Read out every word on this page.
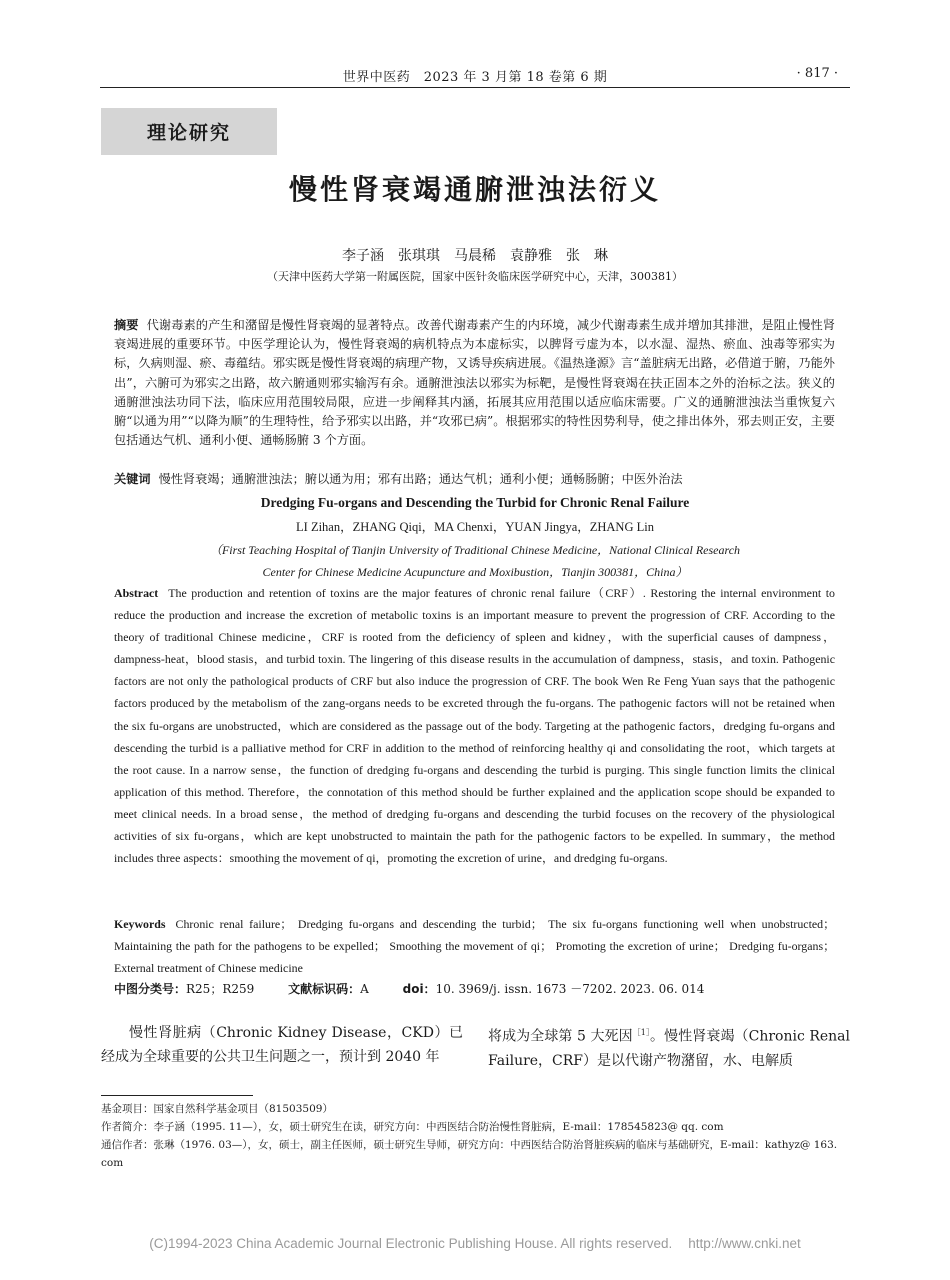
世界中医药　2023 年 3 月第 18 卷第 6 期	· 817 ·
理论研究
慢性肾衰竭通腑泄浊法衍义
李子涵　张琪琪　马晨稀　袁静雅　张　琳
（天津中医药大学第一附属医院，国家中医针灸临床医学研究中心，天津，300381）
摘要 代谢毒素的产生和潴留是慢性肾衰竭的显著特点。改善代谢毒素产生的内环境，减少代谢毒素生成并增加其排泄，是阻止慢性肾衰竭进展的重要环节。中医学理论认为，慢性肾衰竭的病机特点为本虚标实，以脾肾亏虚为本，以水湿、湿热、瘀血、浊毒等邪实为标，久病则湿、瘀、毒蕴结。邪实既是慢性肾衰竭的病理产物，又诱导疾病进展。《温热逢源》言“盖脏病无出路，必借道于腑，乃能外出”，六腑可为邪实之出路，故六腑通则邪实输泻有余。通腑泄浊法以邪实为标靶，是慢性肾衰竭在扶正固本之外的治标之法。狭义的通腑泄浊法功同下法，临床应用范围较局限，应进一步阐释其内涵，拓展其应用范围以适应临床需要。广义的通腑泄浊法当重恢复六腑“以通为用”“以降为顺”的生理特性，给予邪实以出路，并“攻邪已病”。根据邪实的特性因势利导，使之排出体外，邪去则正安，主要包括通达气机、通利小便、通畅肠腑 3 个方面。
关键词 慢性肾衰竭；通腑泄浊法；腑以通为用；邪有出路；通达气机；通利小便；通畅肠腑；中医外治法
Dredging Fu-organs and Descending the Turbid for Chronic Renal Failure
LI Zihan，ZHANG Qiqi，MA Chenxi，YUAN Jingya，ZHANG Lin
（First Teaching Hospital of Tianjin University of Traditional Chinese Medicine，National Clinical Research
Center for Chinese Medicine Acupuncture and Moxibustion，Tianjin 300381，China）
Abstract The production and retention of toxins are the major features of chronic renal failure（CRF）. Restoring the internal environment to reduce the production and increase the excretion of metabolic toxins is an important measure to prevent the progression of CRF. According to the theory of traditional Chinese medicine，CRF is rooted from the deficiency of spleen and kidney，with the superficial causes of dampness，dampness-heat，blood stasis，and turbid toxin. The lingering of this disease results in the accumulation of dampness，stasis，and toxin. Pathogenic factors are not only the pathological products of CRF but also induce the progression of CRF. The book Wen Re Feng Yuan says that the pathogenic factors produced by the metabolism of the zang-organs needs to be excreted through the fu-organs. The pathogenic factors will not be retained when the six fu-organs are unobstructed，which are considered as the passage out of the body. Targeting at the pathogenic factors，dredging fu-organs and descending the turbid is a palliative method for CRF in addition to the method of reinforcing healthy qi and consolidating the root，which targets at the root cause. In a narrow sense，the function of dredging fu-organs and descending the turbid is purging. This single function limits the clinical application of this method. Therefore，the connotation of this method should be further explained and the application scope should be expanded to meet clinical needs. In a broad sense，the method of dredging fu-organs and descending the turbid focuses on the recovery of the physiological activities of six fu-organs，which are kept unobstructed to maintain the path for the pathogenic factors to be expelled. In summary，the method includes three aspects：smoothing the movement of qi，promoting the excretion of urine，and dredging fu-organs.
Keywords Chronic renal failure； Dredging fu-organs and descending the turbid； The six fu-organs functioning well when unobstructed； Maintaining the path for the pathogens to be expelled； Smoothing the movement of qi； Promoting the excretion of urine； Dredging fu-organs； External treatment of Chinese medicine
中图分类号：R25；R259	文献标识码：A	doi：10. 3969/j. issn. 1673 －7202. 2023. 06. 014
慢性肾脏病（Chronic Kidney Disease，CKD）已经成为全球重要的公共卫生问题之一，预计到 2040 年
将成为全球第 5 大死因$^{[1]}$。慢性肾衰竭（Chronic Renal Failure，CRF）是以代谢产物潴留，水、电解质
基金项目：国家自然科学基金项目（81503509）
作者简介：李子涵（1995. 11—），女，硕士研究生在读，研究方向：中西医结合防治慢性肾脏病，E-mail：178545823@ qq. com
通信作者：张琳（1976. 03—），女，硕士，副主任医师，硕士研究生导师，研究方向：中西医结合防治肾脏疾病的临床与基础研究，E-mail：kathyz@ 163. com
(C)1994-2023 China Academic Journal Electronic Publishing House. All rights reserved. http://www.cnki.net
